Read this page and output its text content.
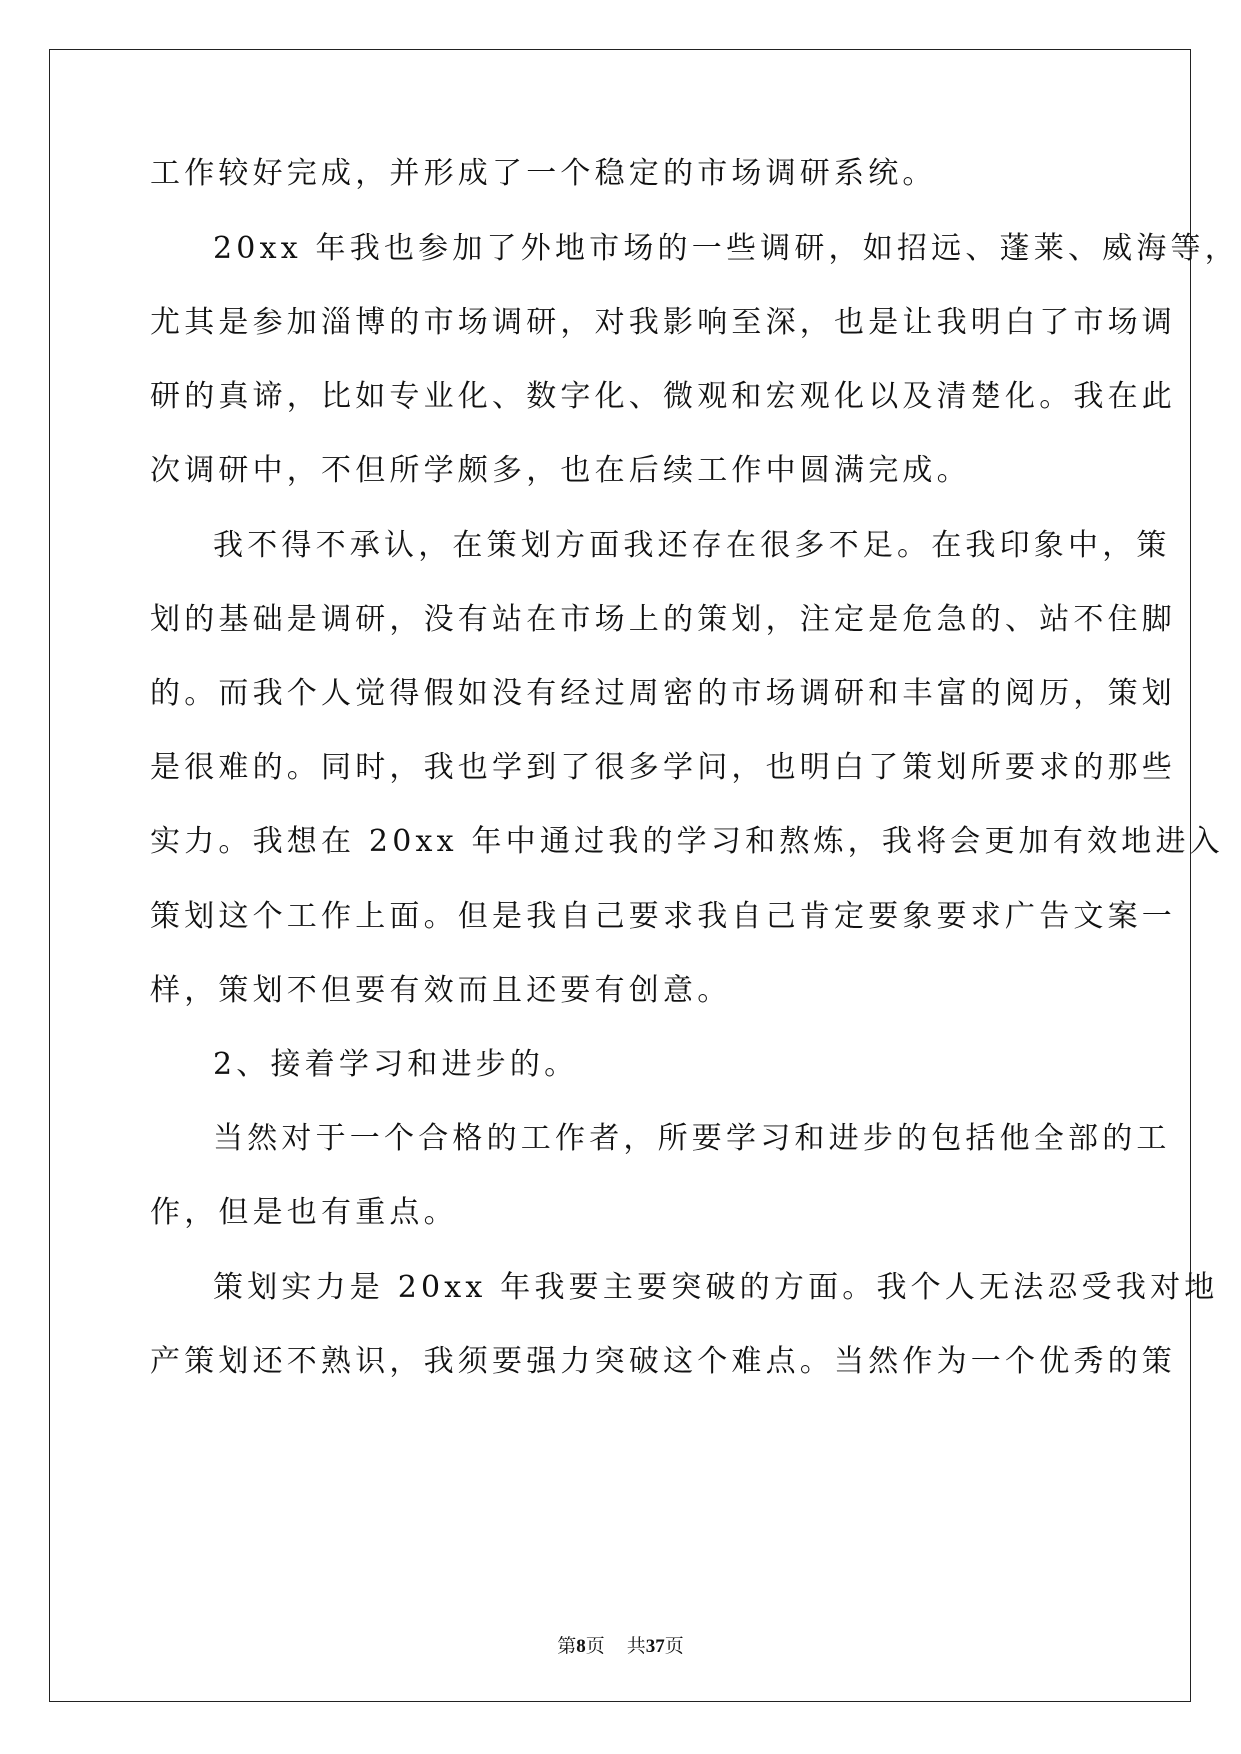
工作较好完成，并形成了一个稳定的市场调研系统。
20xx 年我也参加了外地市场的一些调研，如招远、蓬莱、威海等，
尤其是参加淄博的市场调研，对我影响至深，也是让我明白了市场调
研的真谛，比如专业化、数字化、微观和宏观化以及清楚化。我在此
次调研中，不但所学颇多，也在后续工作中圆满完成。
我不得不承认，在策划方面我还存在很多不足。在我印象中，策
划的基础是调研，没有站在市场上的策划，注定是危急的、站不住脚
的。而我个人觉得假如没有经过周密的市场调研和丰富的阅历，策划
是很难的。同时，我也学到了很多学问，也明白了策划所要求的那些
实力。我想在 20xx 年中通过我的学习和熬炼，我将会更加有效地进入
策划这个工作上面。但是我自己要求我自己肯定要象要求广告文案一
样，策划不但要有效而且还要有创意。
2、接着学习和进步的。
当然对于一个合格的工作者，所要学习和进步的包括他全部的工
作，但是也有重点。
策划实力是 20xx 年我要主要突破的方面。我个人无法忍受我对地
产策划还不熟识，我须要强力突破这个难点。当然作为一个优秀的策
第8页 共37页
